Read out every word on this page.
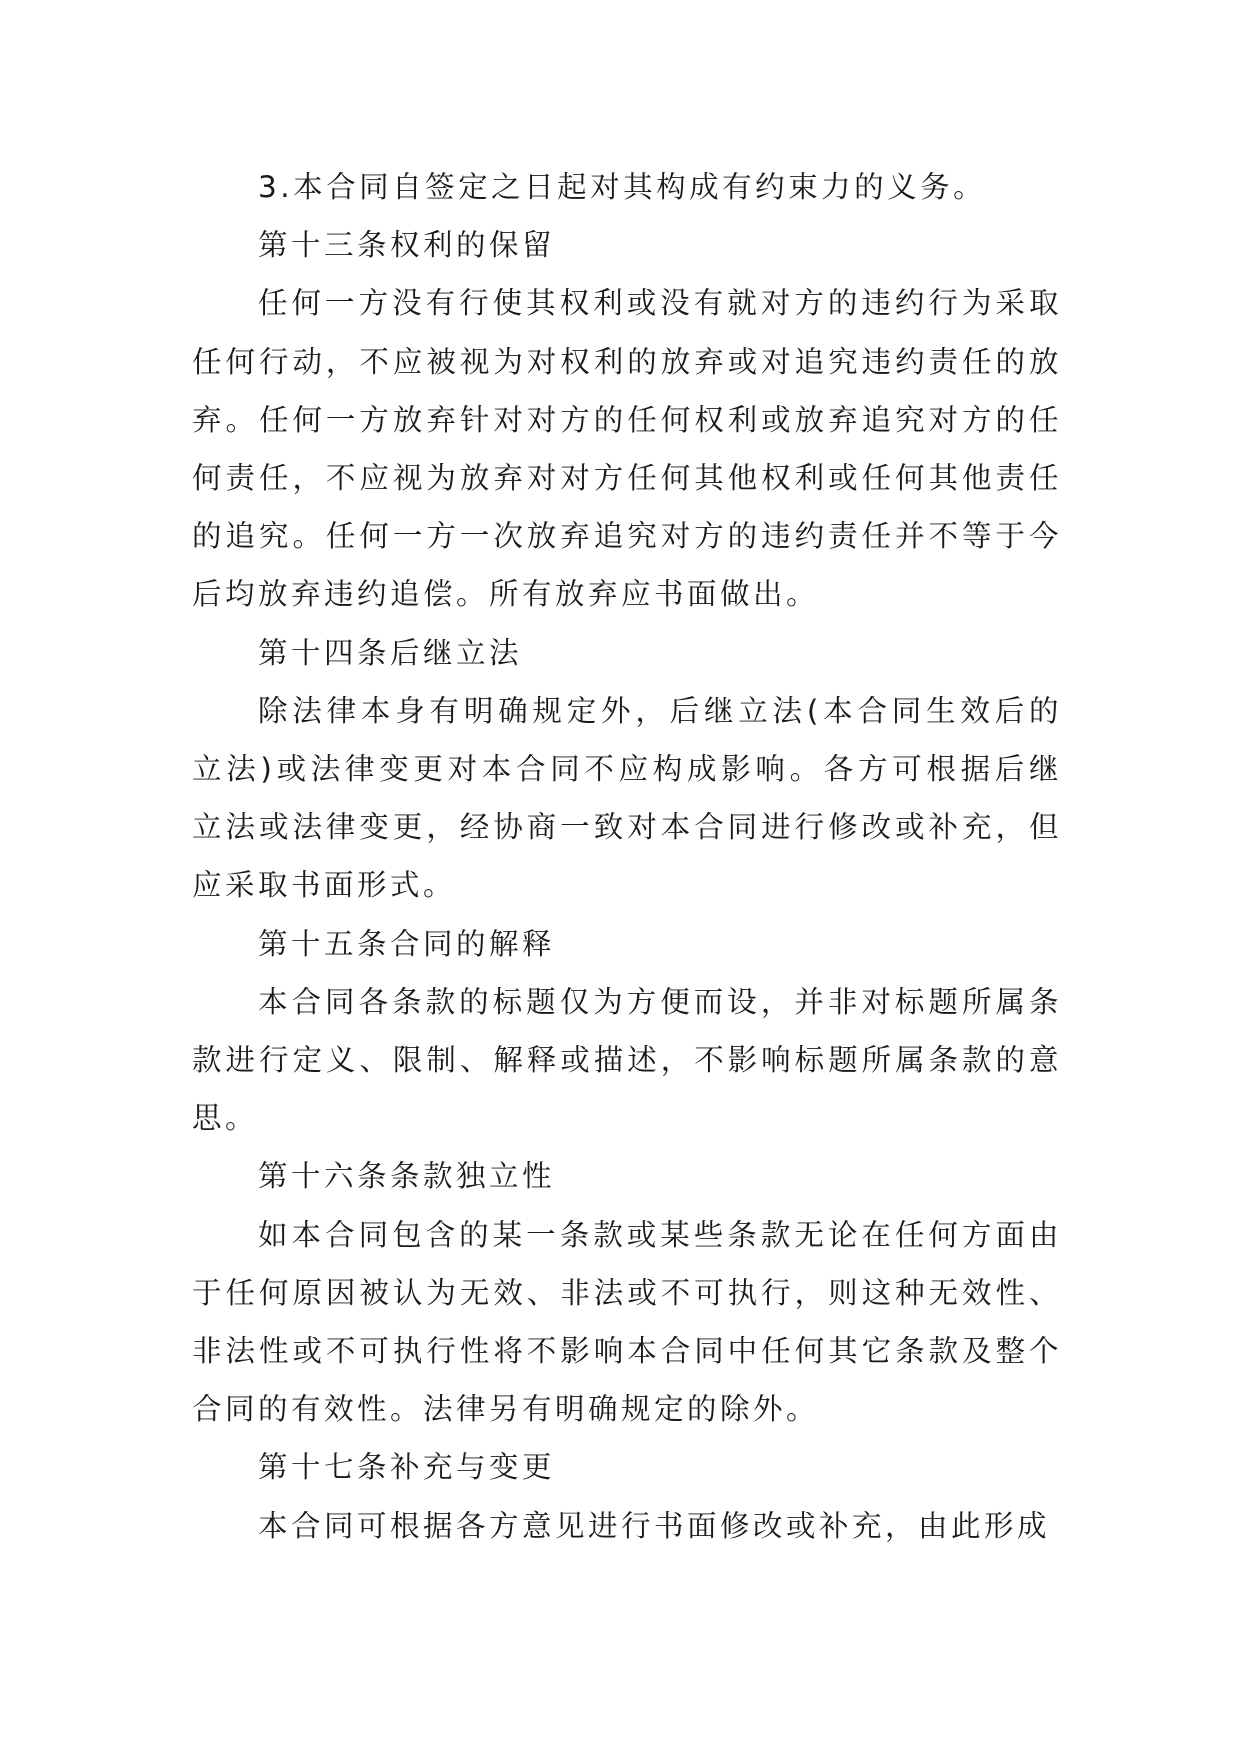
3.本合同自签定之日起对其构成有约束力的义务。

第十三条权利的保留

任何一方没有行使其权利或没有就对方的违约行为采取任何行动，不应被视为对权利的放弃或对追究违约责任的放弃。任何一方放弃针对对方的任何权利或放弃追究对方的任何责任，不应视为放弃对对方任何其他权利或任何其他责任的追究。任何一方一次放弃追究对方的违约责任并不等于今后均放弃违约追偿。所有放弃应书面做出。

第十四条后继立法

除法律本身有明确规定外，后继立法(本合同生效后的立法)或法律变更对本合同不应构成影响。各方可根据后继立法或法律变更，经协商一致对本合同进行修改或补充，但应采取书面形式。

第十五条合同的解释

本合同各条款的标题仅为方便而设，并非对标题所属条款进行定义、限制、解释或描述，不影响标题所属条款的意思。

第十六条条款独立性

如本合同包含的某一条款或某些条款无论在任何方面由于任何原因被认为无效、非法或不可执行，则这种无效性、非法性或不可执行性将不影响本合同中任何其它条款及整个合同的有效性。法律另有明确规定的除外。

第十七条补充与变更

本合同可根据各方意见进行书面修改或补充，由此形成
